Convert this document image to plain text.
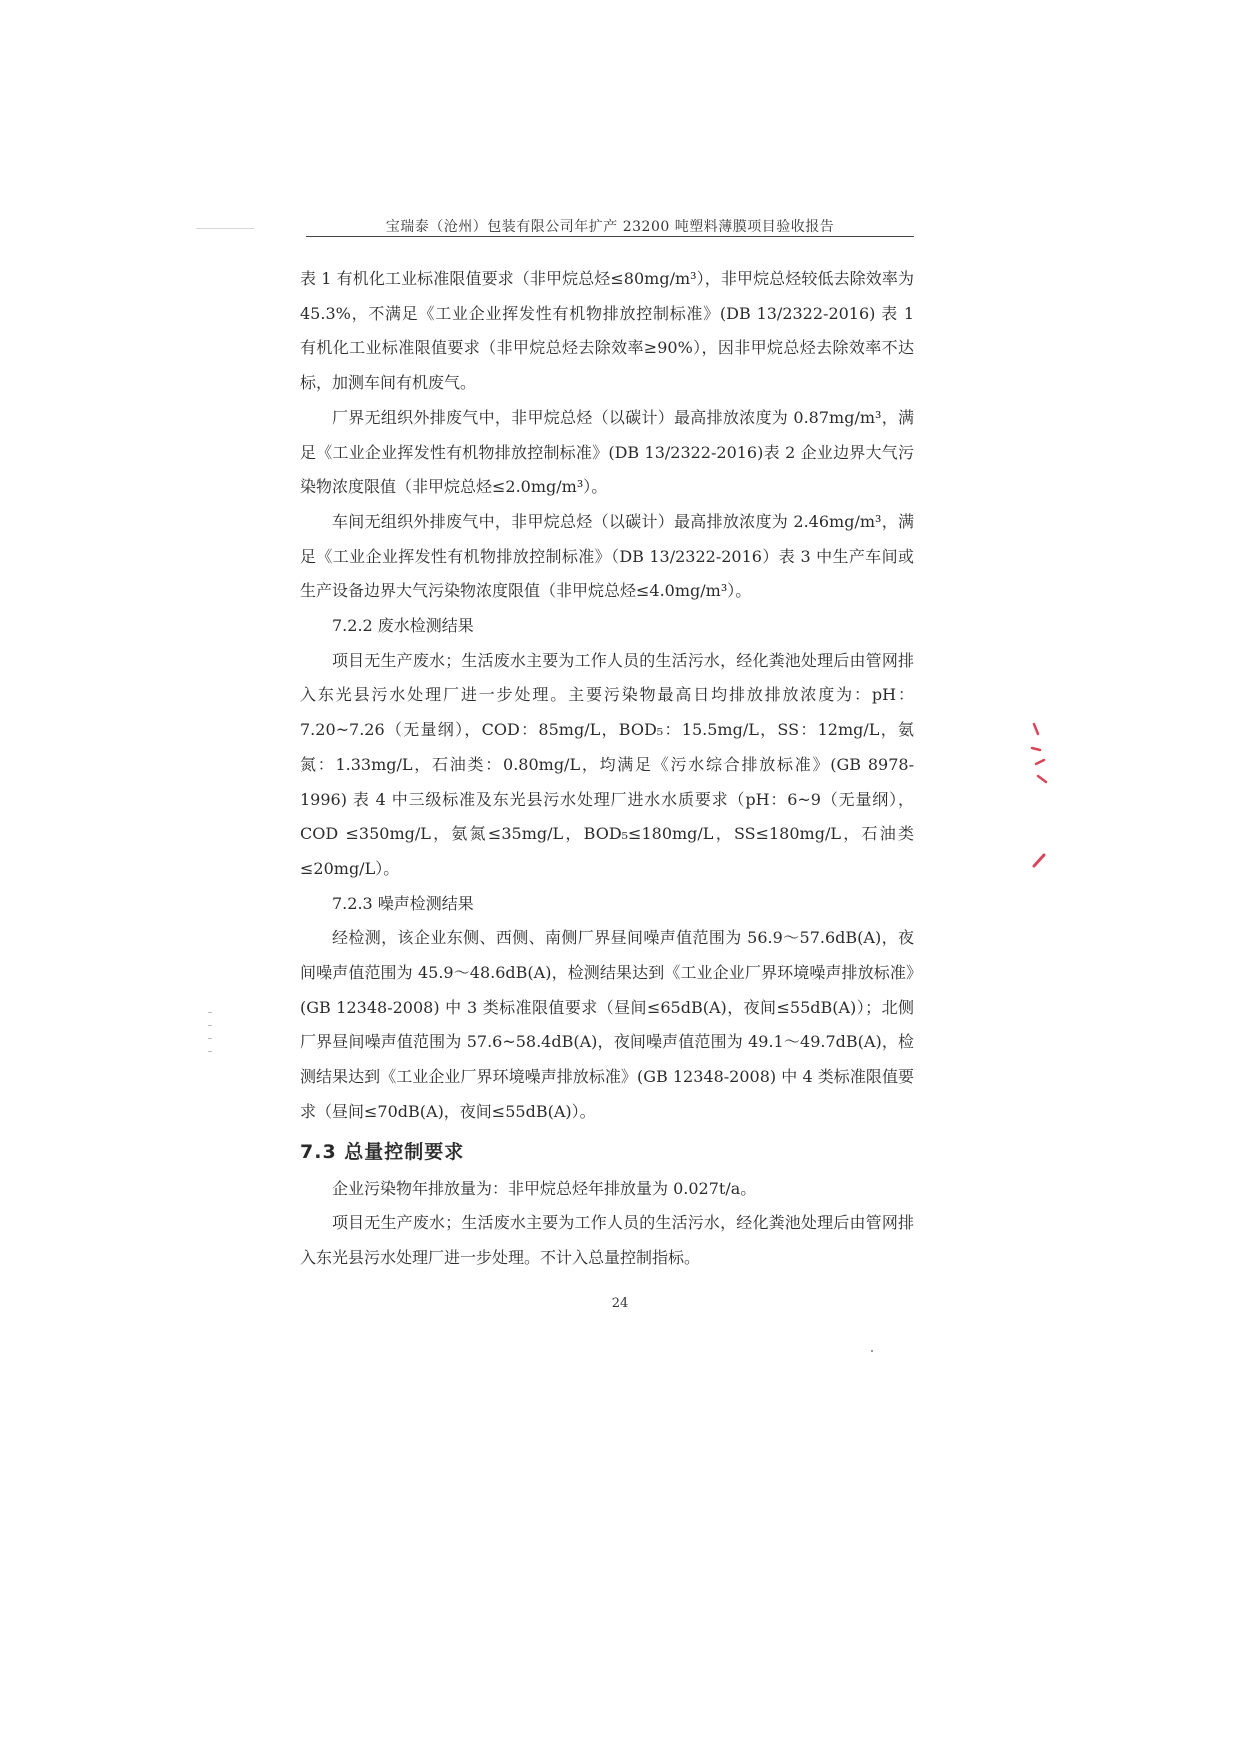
宝瑞泰（沧州）包装有限公司年扩产 23200 吨塑料薄膜项目验收报告

表 1 有机化工业标准限值要求（非甲烷总烃≤80mg/m³），非甲烷总烃较低去除效率为 45.3%，不满足《工业企业挥发性有机物排放控制标准》(DB 13/2322-2016) 表 1 有机化工业标准限值要求（非甲烷总烃去除效率≥90%），因非甲烷总烃去除效率不达标，加测车间有机废气。

厂界无组织外排废气中，非甲烷总烃（以碳计）最高排放浓度为 0.87mg/m³，满足《工业企业挥发性有机物排放控制标准》(DB 13/2322-2016)表 2 企业边界大气污染物浓度限值（非甲烷总烃≤2.0mg/m³）。

车间无组织外排废气中，非甲烷总烃（以碳计）最高排放浓度为 2.46mg/m³，满足《工业企业挥发性有机物排放控制标准》（DB 13/2322-2016）表 3 中生产车间或生产设备边界大气污染物浓度限值（非甲烷总烃≤4.0mg/m³）。

7.2.2 废水检测结果

项目无生产废水；生活废水主要为工作人员的生活污水，经化粪池处理后由管网排入东光县污水处理厂进一步处理。主要污染物最高日均排放排放浓度为：pH：7.20~7.26（无量纲），COD：85mg/L，BOD₅：15.5mg/L，SS：12mg/L，氨氮：1.33mg/L，石油类：0.80mg/L，均满足《污水综合排放标准》(GB 8978-1996) 表 4 中三级标准及东光县污水处理厂进水水质要求（pH：6~9（无量纲），COD ≤350mg/L，氨氮≤35mg/L，BOD₅≤180mg/L，SS≤180mg/L，石油类≤20mg/L）。

7.2.3 噪声检测结果

经检测，该企业东侧、西侧、南侧厂界昼间噪声值范围为 56.9～57.6dB(A)，夜间噪声值范围为 45.9～48.6dB(A)，检测结果达到《工业企业厂界环境噪声排放标准》(GB 12348-2008) 中 3 类标准限值要求（昼间≤65dB(A)，夜间≤55dB(A)）；北侧厂界昼间噪声值范围为 57.6~58.4dB(A)，夜间噪声值范围为 49.1～49.7dB(A)，检测结果达到《工业企业厂界环境噪声排放标准》(GB 12348-2008) 中 4 类标准限值要求（昼间≤70dB(A)，夜间≤55dB(A)）。

7.3 总量控制要求

企业污染物年排放量为：非甲烷总烃年排放量为 0.027t/a。

项目无生产废水；生活废水主要为工作人员的生活污水，经化粪池处理后由管网排入东光县污水处理厂进一步处理。不计入总量控制指标。

24
